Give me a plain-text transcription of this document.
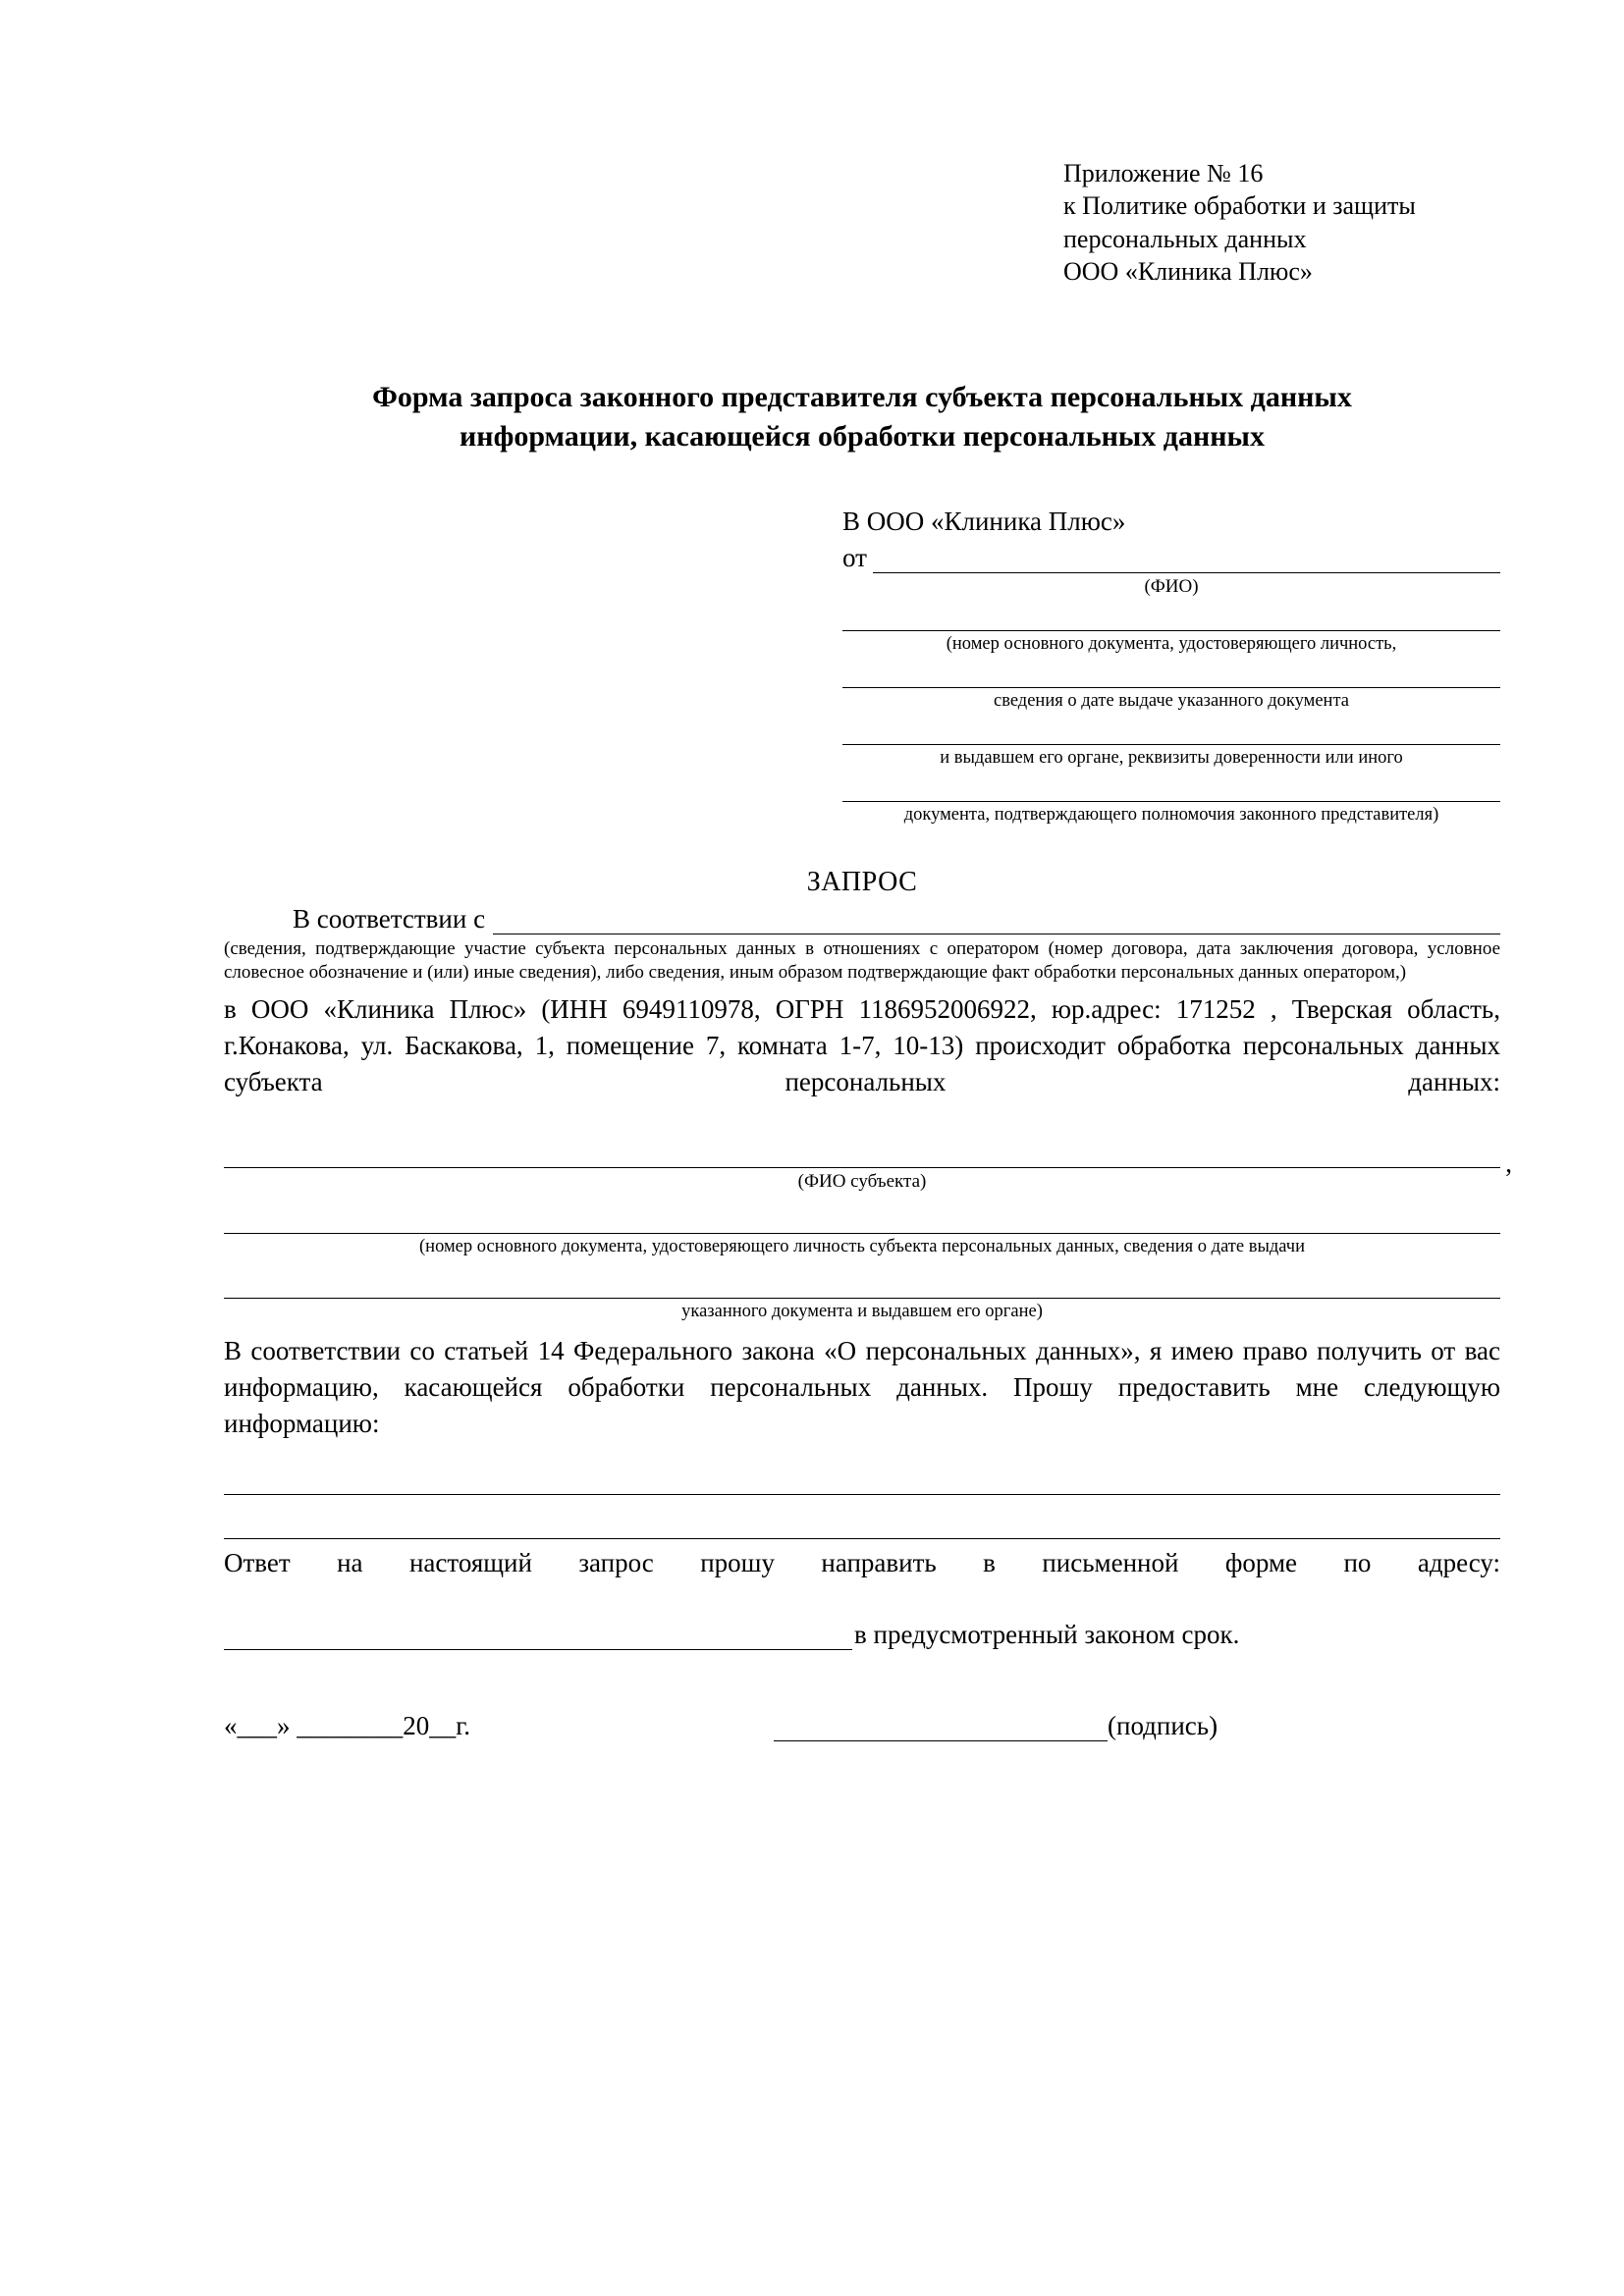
Приложение № 16
к Политике обработки и защиты
персональных данных
ООО «Клиника Плюс»
Форма запроса законного представителя субъекта персональных данных
информации, касающейся обработки персональных данных
В ООО «Клиника Плюс»
от
(ФИО)
(номер основного документа, удостоверяющего личность,
сведения о дате выдаче указанного документа
и выдавшем его органе, реквизиты доверенности или иного
документа, подтверждающего полномочия законного представителя)
ЗАПРОС
В соответствии с
(сведения, подтверждающие участие субъекта персональных данных в отношениях с оператором (номер договора, дата заключения договора, условное словесное обозначение и (или) иные сведения), либо сведения, иным образом подтверждающие факт обработки персональных данных оператором,)
в ООО «Клиника Плюс» (ИНН 6949110978, ОГРН 1186952006922, юр.адрес: 171252 , Тверская область, г.Конакова, ул. Баскакова, 1, помещение 7, комната 1-7, 10-13) происходит обработка персональных данных субъекта персональных данных:
,
(ФИО субъекта)
(номер основного документа, удостоверяющего личность субъекта персональных данных, сведения о дате выдачи
указанного документа и выдавшем его органе)
В соответствии со статьей 14 Федерального закона «О персональных данных», я имею право получить от вас информацию, касающейся обработки персональных данных. Прошу предоставить мне следующую информацию:
Ответ на настоящий запрос прошу направить в письменной форме по адресу:
в предусмотренный законом срок.
«___» ________20__г.	(подпись)
